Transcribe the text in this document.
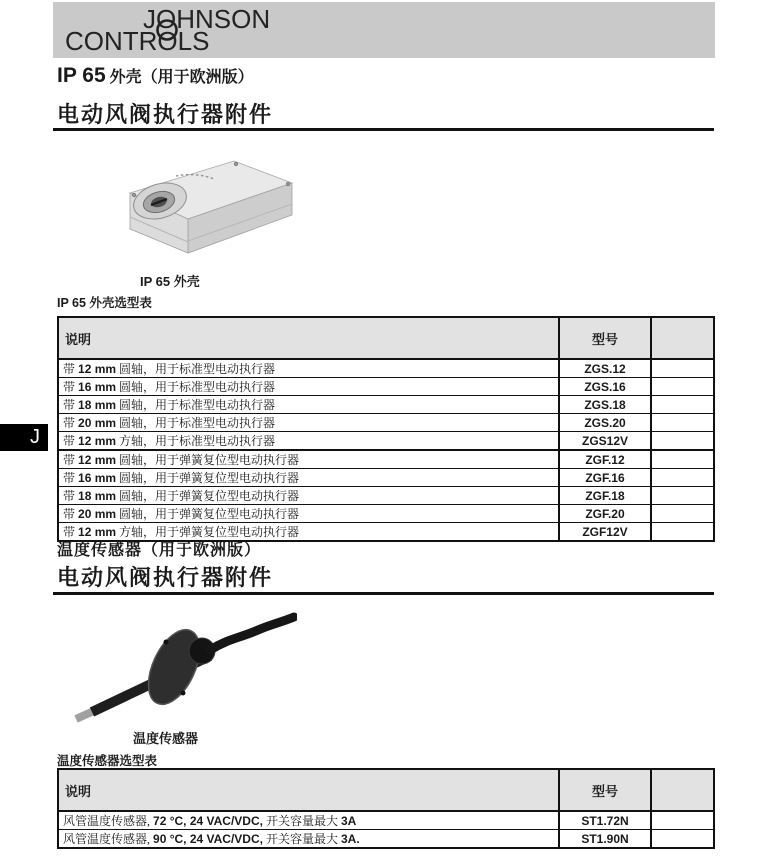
JOHNSON
CONTROLS
IP 65 外壳（用于欧洲版）
电动风阀执行器附件
IP 65 外壳
IP 65 外壳选型表
说明	型号	
带 12 mm 圆轴，用于标准型电动执行器	ZGS.12	
带 16 mm 圆轴，用于标准型电动执行器	ZGS.16	
带 18 mm 圆轴，用于标准型电动执行器	ZGS.18	
带 20 mm 圆轴，用于标准型电动执行器	ZGS.20	
带 12 mm 方轴，用于标准型电动执行器	ZGS12V	
带 12 mm 圆轴，用于弹簧复位型电动执行器	ZGF.12	
带 16 mm 圆轴，用于弹簧复位型电动执行器	ZGF.16	
带 18 mm 圆轴，用于弹簧复位型电动执行器	ZGF.18	
带 20 mm 圆轴，用于弹簧复位型电动执行器	ZGF.20	
带 12 mm 方轴，用于弹簧复位型电动执行器	ZGF12V	
J
温度传感器（用于欧洲版）
电动风阀执行器附件
温度传感器
温度传感器选型表
说明	型号	
风管温度传感器, 72 °C, 24 VAC/VDC, 开关容量最大 3A	ST1.72N	
风管温度传感器, 90 °C, 24 VAC/VDC, 开关容量最大 3A.	ST1.90N	
